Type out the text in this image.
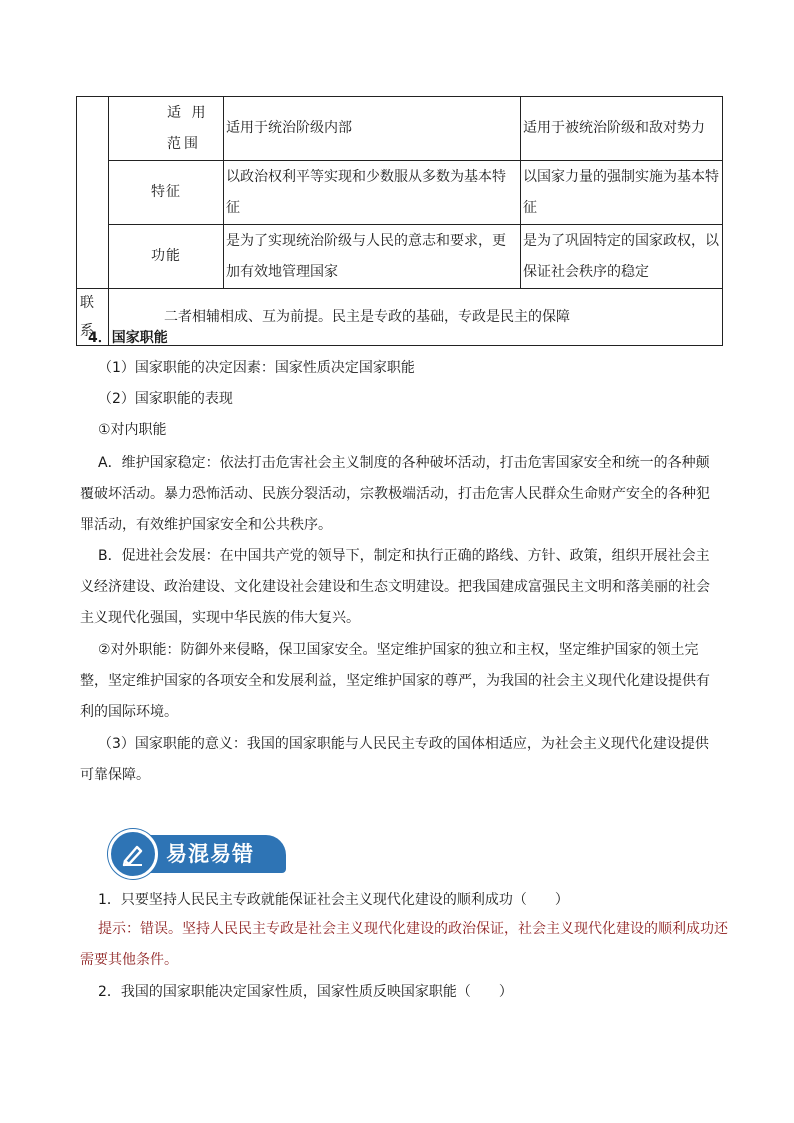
	适 用 范围	适用于统治阶级内部	适用于被统治阶级和敌对势力
	特征	以政治权利平等实现和少数服从多数为基本特征	以国家力量的强制实施为基本特征
	功能	是为了实现统治阶级与人民的意志和要求，更加有效地管理国家	是为了巩固特定的国家政权，以保证社会秩序的稳定
联系	二者相辅相成、互为前提。民主是专政的基础，专政是民主的保障		
4．国家职能
（1）国家职能的决定因素：国家性质决定国家职能
（2）国家职能的表现
①对内职能
A．维护国家稳定：依法打击危害社会主义制度的各种破坏活动，打击危害国家安全和统一的各种颠覆破坏活动。暴力恐怖活动、民族分裂活动，宗教极端活动，打击危害人民群众生命财产安全的各种犯罪活动，有效维护国家安全和公共秩序。
B．促进社会发展：在中国共产党的领导下，制定和执行正确的路线、方针、政策，组织开展社会主义经济建设、政治建设、文化建设社会建设和生态文明建设。把我国建成富强民主文明和落美丽的社会主义现代化强国，实现中华民族的伟大复兴。
②对外职能：防御外来侵略，保卫国家安全。坚定维护国家的独立和主权，坚定维护国家的领土完整，坚定维护国家的各项安全和发展利益，坚定维护国家的尊严，为我国的社会主义现代化建设提供有利的国际环境。
（3）国家职能的意义：我国的国家职能与人民民主专政的国体相适应，为社会主义现代化建设提供可靠保障。
易混易错
1．只要坚持人民民主专政就能保证社会主义现代化建设的顺利成功（　　）
提示：错误。坚持人民民主专政是社会主义现代化建设的政治保证，社会主义现代化建设的顺利成功还需要其他条件。
2．我国的国家职能决定国家性质，国家性质反映国家职能（　　）
